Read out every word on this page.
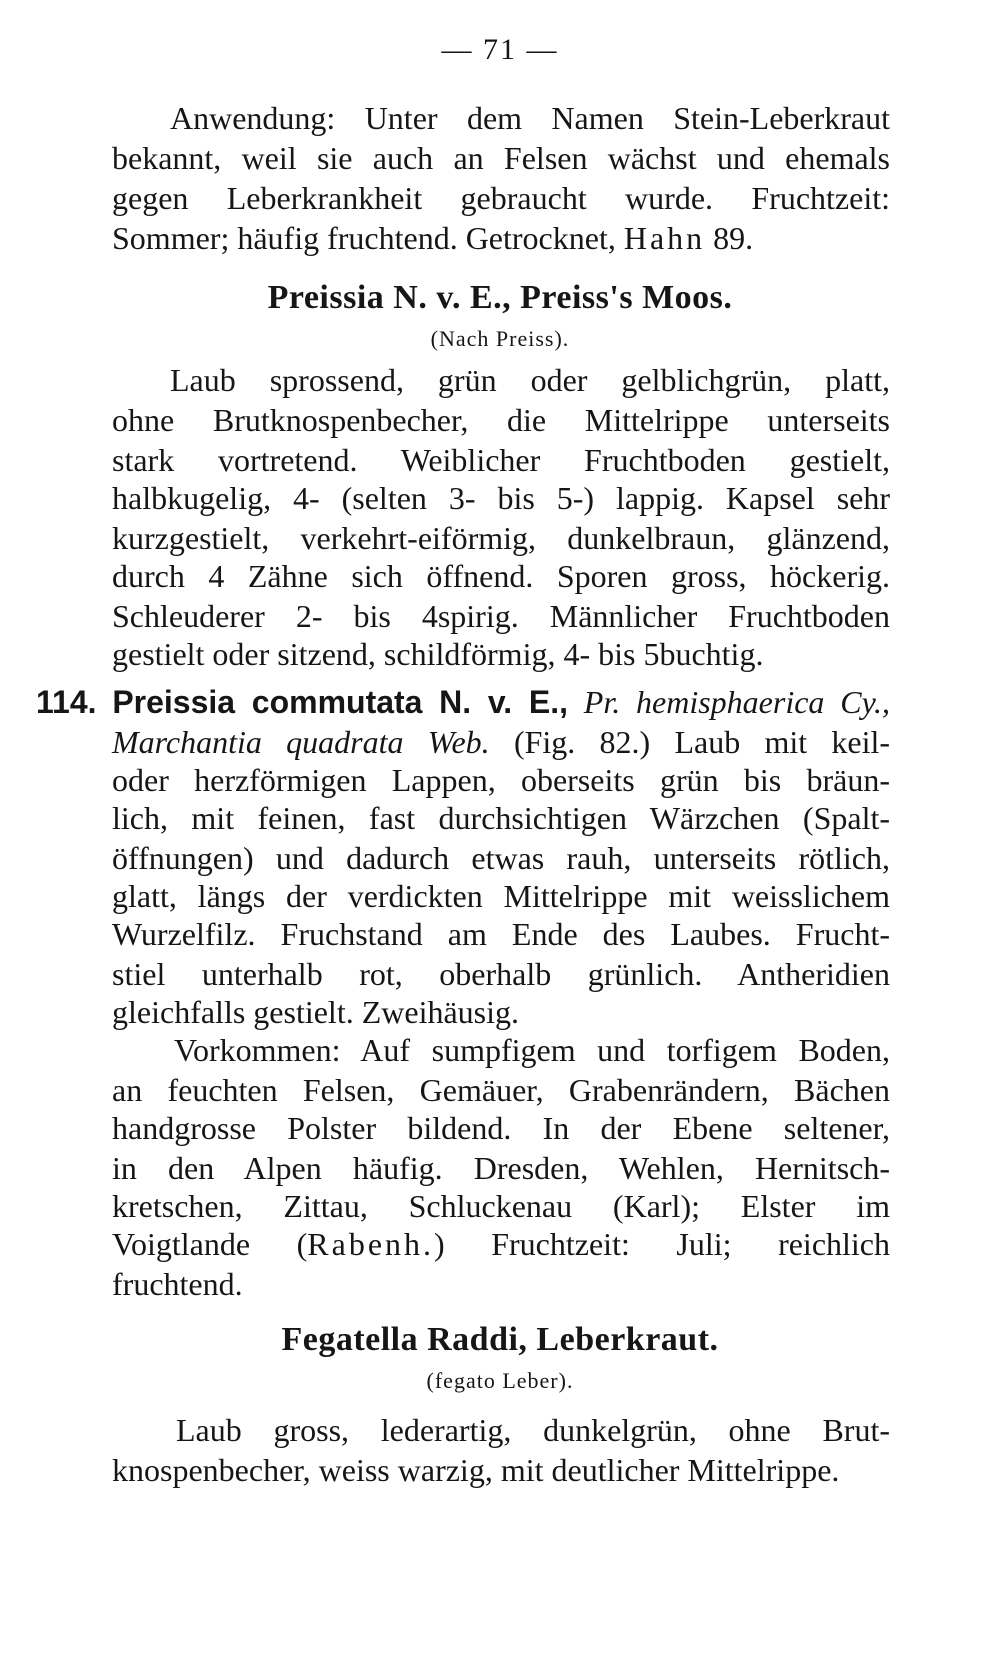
— 71 —
Anwendung: Unter dem Namen Stein-Leberkraut
bekannt, weil sie auch an Felsen wächst und ehemals
gegen Leberkrankheit gebraucht wurde. Fruchtzeit:
Sommer; häufig fruchtend. Getrocknet, Hahn 89.
Preissia N. v. E., Preiss's Moos.
(Nach Preiss).
Laub sprossend, grün oder gelblichgrün, platt,
ohne Brutknospenbecher, die Mittelrippe unterseits
stark vortretend. Weiblicher Fruchtboden gestielt,
halbkugelig, 4- (selten 3- bis 5-) lappig. Kapsel sehr
kurzgestielt, verkehrt-eiförmig, dunkelbraun, glänzend,
durch 4 Zähne sich öffnend. Sporen gross, höckerig.
Schleuderer 2- bis 4spirig. Männlicher Fruchtboden
gestielt oder sitzend, schildförmig, 4- bis 5buchtig.
114. Preissia commutata N. v. E., Pr. hemisphaerica Cy.,
Marchantia quadrata Web. (Fig. 82.) Laub mit keil-
oder herzförmigen Lappen, oberseits grün bis bräun-
lich, mit feinen, fast durchsichtigen Wärzchen (Spalt-
öffnungen) und dadurch etwas rauh, unterseits rötlich,
glatt, längs der verdickten Mittelrippe mit weisslichem
Wurzelfilz. Fruchstand am Ende des Laubes. Frucht-
stiel unterhalb rot, oberhalb grünlich. Antheridien
gleichfalls gestielt. Zweihäusig.
Vorkommen: Auf sumpfigem und torfigem Boden,
an feuchten Felsen, Gemäuer, Grabenrändern, Bächen
handgrosse Polster bildend. In der Ebene seltener,
in den Alpen häufig. Dresden, Wehlen, Hernitsch-
kretschen, Zittau, Schluckenau (Karl); Elster im
Voigtlande (Rabenh.) Fruchtzeit: Juli; reichlich
fruchtend.
Fegatella Raddi, Leberkraut.
(fegato Leber).
Laub gross, lederartig, dunkelgrün, ohne Brut-
knospenbecher, weiss warzig, mit deutlicher Mittelrippe.
